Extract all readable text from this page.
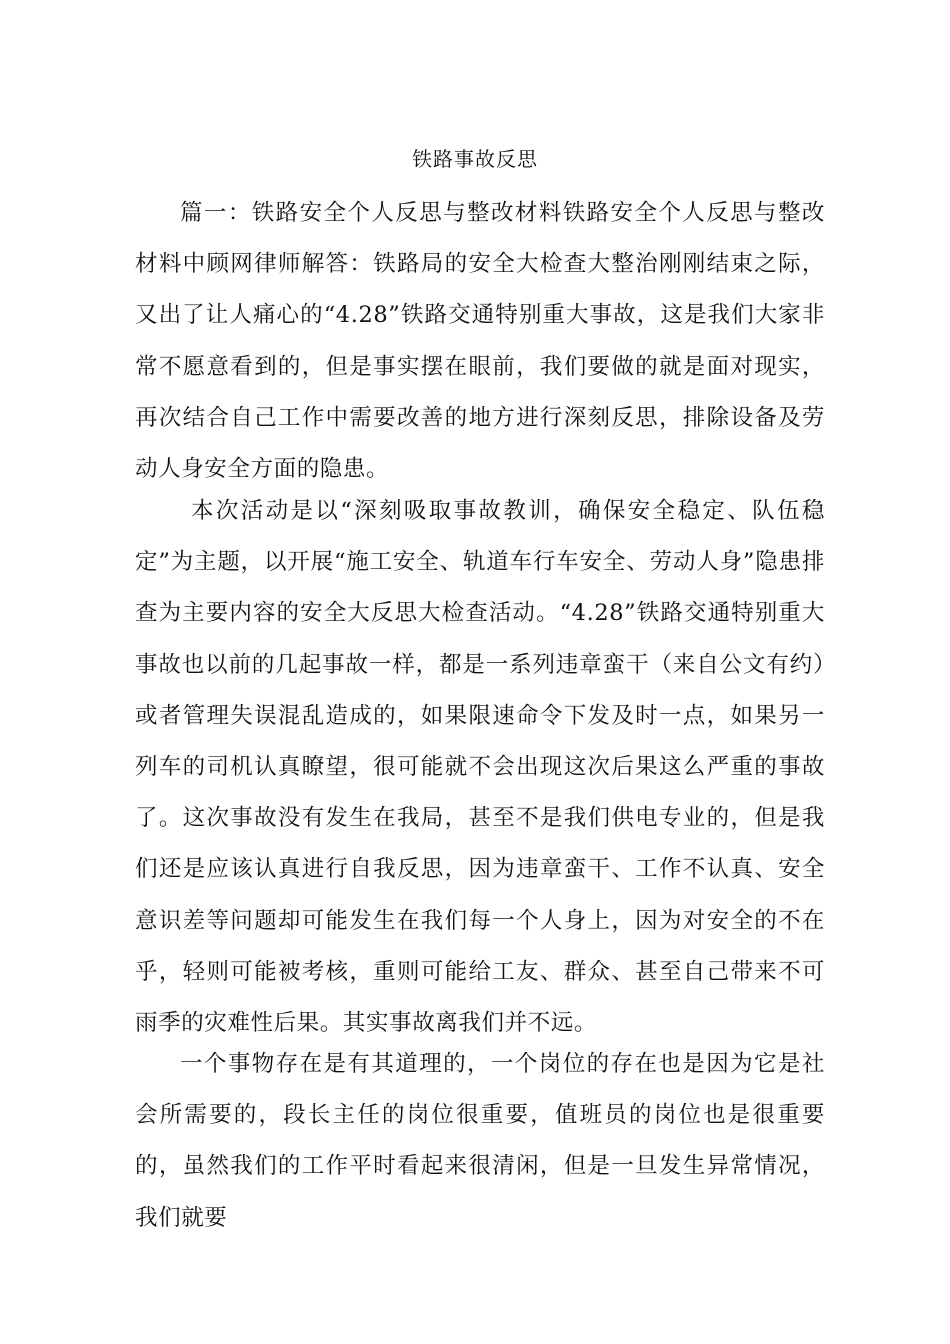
铁路事故反思

篇一：铁路安全个人反思与整改材料铁路安全个人反思与整改材料中顾网律师解答：铁路局的安全大检查大整治刚刚结束之际，又出了让人痛心的“4.28”铁路交通特别重大事故，这是我们大家非常不愿意看到的，但是事实摆在眼前，我们要做的就是面对现实，再次结合自己工作中需要改善的地方进行深刻反思，排除设备及劳动人身安全方面的隐患。

本次活动是以“深刻吸取事故教训，确保安全稳定、队伍稳定”为主题，以开展“施工安全、轨道车行车安全、劳动人身”隐患排查为主要内容的安全大反思大检查活动。“4.28”铁路交通特别重大事故也以前的几起事故一样，都是一系列违章蛮干（来自公文有约）或者管理失误混乱造成的，如果限速命令下发及时一点，如果另一列车的司机认真瞭望，很可能就不会出现这次后果这么严重的事故了。这次事故没有发生在我局，甚至不是我们供电专业的，但是我们还是应该认真进行自我反思，因为违章蛮干、工作不认真、安全意识差等问题却可能发生在我们每一个人身上，因为对安全的不在乎，轻则可能被考核，重则可能给工友、群众、甚至自己带来不可雨季的灾难性后果。其实事故离我们并不远。

一个事物存在是有其道理的，一个岗位的存在也是因为它是社会所需要的，段长主任的岗位很重要，值班员的岗位也是很重要的，虽然我们的工作平时看起来很清闲，但是一旦发生异常情况，我们就要
